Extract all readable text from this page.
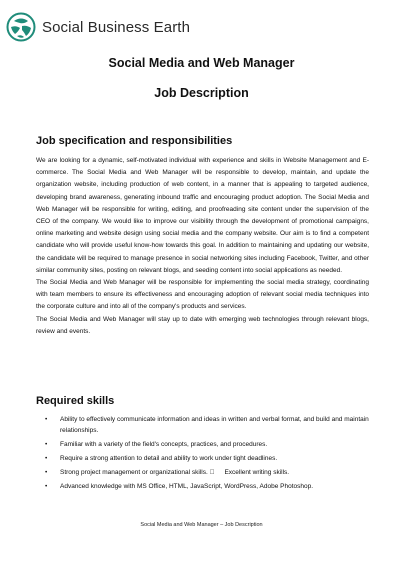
Social Business Earth
Social Media and Web Manager
Job Description
Job specification and responsibilities

We are looking for a dynamic, self-motivated individual with experience and skills in Website Management and E-commerce. The Social Media and Web Manager will be responsible to develop, maintain, and update the organization website, including production of web content, in a manner that is appealing to targeted audience, developing brand awareness, generating inbound traffic and encouraging product adoption. The Social Media and Web Manager will be responsible for writing, editing, and proofreading site content under the supervision of the CEO of the company. We would like to improve our visibility through the development of promotional campaigns, online marketing and website design using social media and the company website. Our aim is to find a competent candidate who will provide useful know-how towards this goal. In addition to maintaining and updating our website, the candidate will be required to manage presence in social networking sites including Facebook, Twitter, and other similar community sites, posting on relevant blogs, and seeding content into social applications as needed.

The Social Media and Web Manager will be responsible for implementing the social media strategy, coordinating with team members to ensure its effectiveness and encouraging adoption of relevant social media techniques into the corporate culture and into all of the company's products and services.

The Social Media and Web Manager will stay up to date with emerging web technologies through relevant blogs, review and events.

Required skills
• Ability to effectively communicate information and ideas in written and verbal format, and build and maintain relationships.
• Familiar with a variety of the field's concepts, practices, and procedures.
• Require a strong attention to detail and ability to work under tight deadlines.
• Strong project management or organizational skills. Excellent writing skills.
• Advanced knowledge with MS Office, HTML, JavaScript, WordPress, Adobe Photoshop.
Social Media and Web Manager – Job Description
